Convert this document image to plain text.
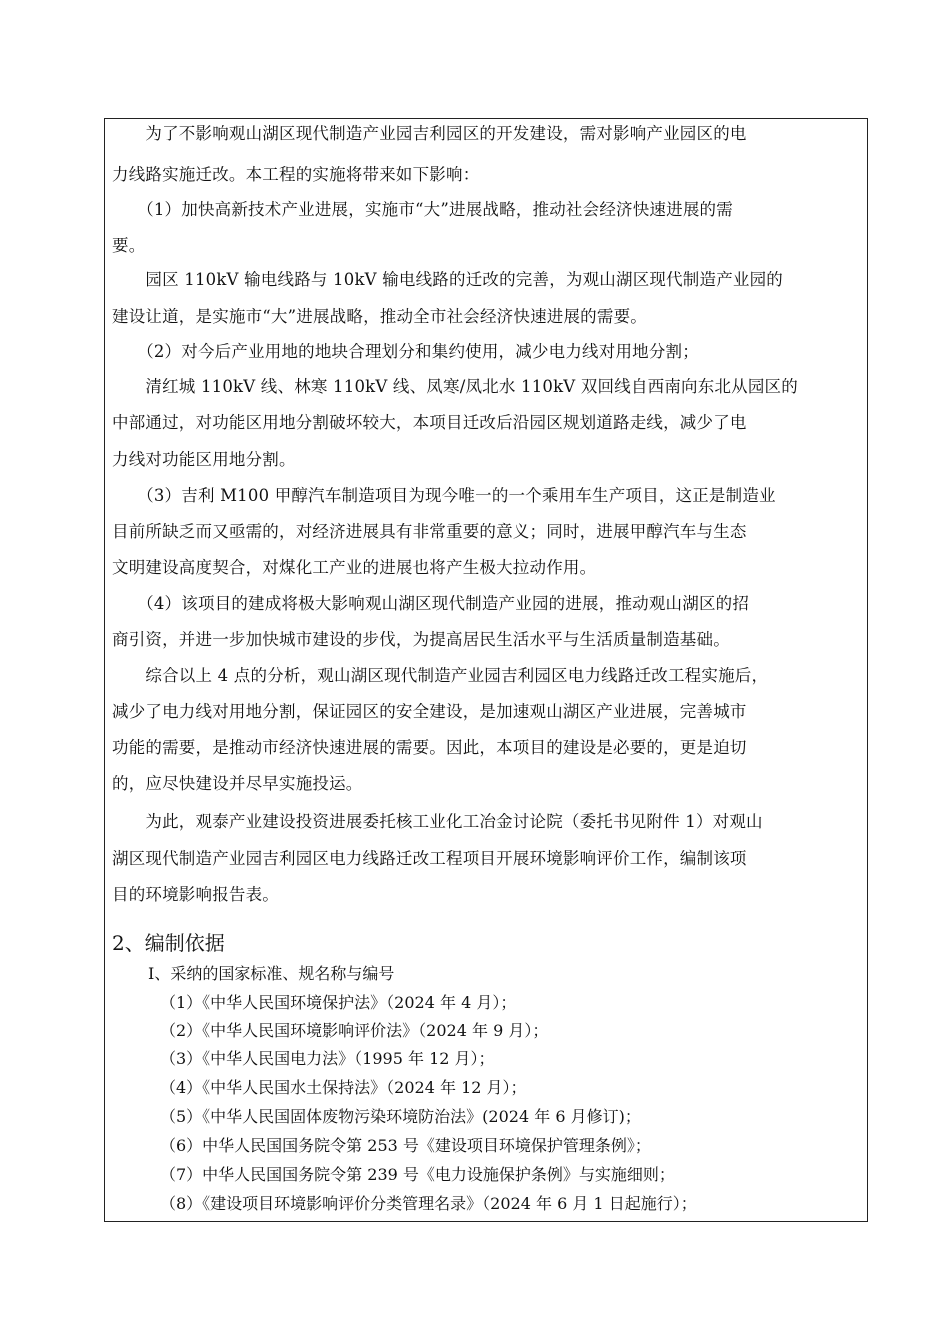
　　为了不影响观山湖区现代制造产业园吉利园区的开发建设，需对影响产业园区的电
力线路实施迁改。本工程的实施将带来如下影响：
　　（1）加快高新技术产业进展，实施市“大”进展战略，推动社会经济快速进展的需
要。
　　园区 110kV 输电线路与 10kV 输电线路的迁改的完善，为观山湖区现代制造产业园的
建设让道，是实施市“大”进展战略，推动全市社会经济快速进展的需要。
　　（2）对今后产业用地的地块合理划分和集约使用，减少电力线对用地分割；
　　清红城 110kV 线、林寒 110kV 线、凤寒/凤北水 110kV 双回线自西南向东北从园区的
中部通过，对功能区用地分割破坏较大，本项目迁改后沿园区规划道路走线，减少了电
力线对功能区用地分割。
　　（3）吉利 M100 甲醇汽车制造项目为现今唯一的一个乘用车生产项目，这正是制造业
目前所缺乏而又亟需的，对经济进展具有非常重要的意义；同时，进展甲醇汽车与生态
文明建设高度契合，对煤化工产业的进展也将产生极大拉动作用。
　　（4）该项目的建成将极大影响观山湖区现代制造产业园的进展，推动观山湖区的招
商引资，并进一步加快城市建设的步伐，为提高居民生活水平与生活质量制造基础。
　　综合以上 4 点的分析，观山湖区现代制造产业园吉利园区电力线路迁改工程实施后，
减少了电力线对用地分割，保证园区的安全建设，是加速观山湖区产业进展，完善城市
功能的需要，是推动市经济快速进展的需要。因此，本项目的建设是必要的，更是迫切
的，应尽快建设并尽早实施投运。
　　为此，观泰产业建设投资进展委托核工业化工冶金讨论院（委托书见附件 1）对观山
湖区现代制造产业园吉利园区电力线路迁改工程项目开展环境影响评价工作，编制该项
目的环境影响报告表。
2、编制依据
Ⅰ、采纳的国家标准、规名称与编号
（1）《中华人民国环境保护法》（2024 年 4 月）；
（2）《中华人民国环境影响评价法》（2024 年 9 月）；
（3）《中华人民国电力法》（1995 年 12 月）；
（4）《中华人民国水土保持法》（2024 年 12 月）；
（5）《中华人民国固体废物污染环境防治法》(2024 年 6 月修订)；
（6）中华人民国国务院令第 253 号《建设项目环境保护管理条例》；
（7）中华人民国国务院令第 239 号《电力设施保护条例》与实施细则；
（8）《建设项目环境影响评价分类管理名录》（2024 年 6 月 1 日起施行）；
